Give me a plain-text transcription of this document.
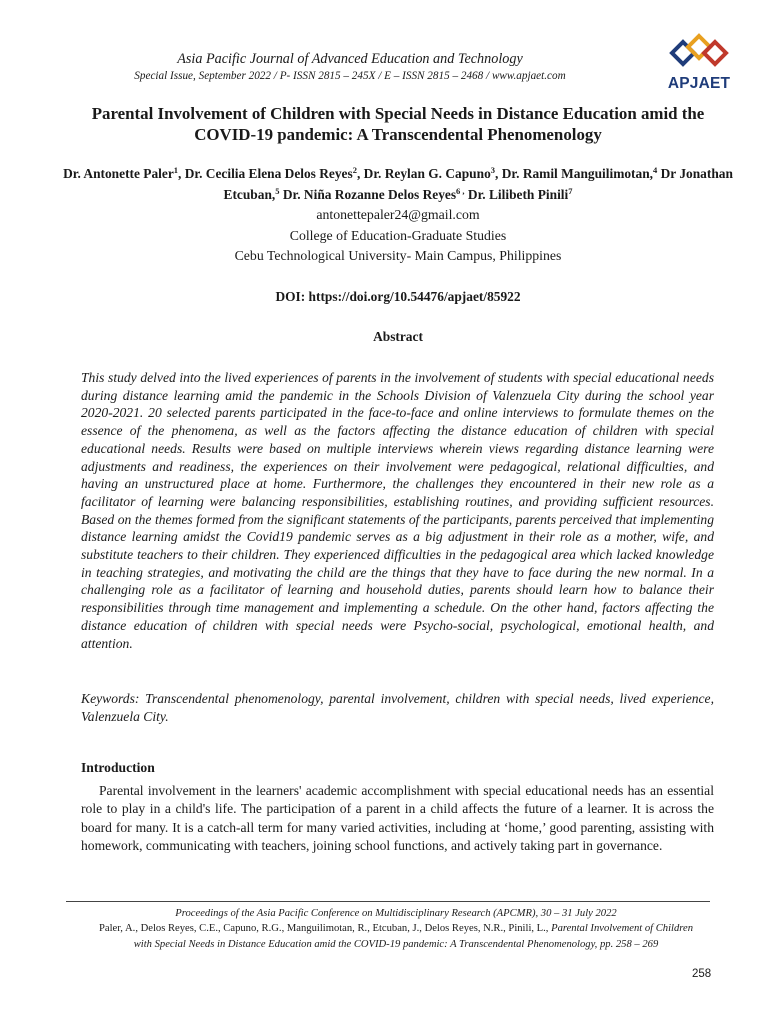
Asia Pacific Journal of Advanced Education and Technology
Special Issue, September 2022 / P- ISSN 2815 – 245X / E – ISSN 2815 – 2468 / www.apjaet.com	APJAET
Parental Involvement of Children with Special Needs in Distance Education amid the COVID-19 pandemic: A Transcendental Phenomenology
Dr. Antonette Paler$^1$, Dr. Cecilia Elena Delos Reyes$^2$, Dr. Reylan G. Capuno$^3$, Dr. Ramil Manguilimotan,$^4$ Dr Jonathan Etcuban,$^5$ Dr. Niña Rozanne Delos Reyes$^{6 ,}$ Dr. Lilibeth Pinili$^7$
antonettepaler24@gmail.com
College of Education-Graduate Studies
Cebu Technological University- Main Campus, Philippines
DOI: https://doi.org/10.54476/apjaet/85922
Abstract

This study delved into the lived experiences of parents in the involvement of students with special educational needs during distance learning amid the pandemic in the Schools Division of Valenzuela City during the school year 2020-2021. 20 selected parents participated in the face-to-face and online interviews to formulate themes on the essence of the phenomena, as well as the factors affecting the distance education of children with special educational needs. Results were based on multiple interviews wherein views regarding distance learning were adjustments and readiness, the experiences on their involvement were pedagogical, relational difficulties, and having an unstructured place at home. Furthermore, the challenges they encountered in their new role as a facilitator of learning were balancing responsibilities, establishing routines, and providing sufficient resources. Based on the themes formed from the significant statements of the participants, parents perceived that implementing distance learning amidst the Covid19 pandemic serves as a big adjustment in their role as a mother, wife, and substitute teachers to their children. They experienced difficulties in the pedagogical area which lacked knowledge in teaching strategies, and motivating the child are the things that they have to face during the new normal. In a challenging role as a facilitator of learning and household duties, parents should learn how to balance their responsibilities through time management and implementing a schedule. On the other hand, factors affecting the distance education of children with special needs were Psycho-social, psychological, emotional health, and attention.

Keywords: Transcendental phenomenology, parental involvement, children with special needs, lived experience, Valenzuela City.

Introduction

Parental involvement in the learners' academic accomplishment with special educational needs has an essential role to play in a child's life. The participation of a parent in a child affects the future of a learner. It is across the board for many. It is a catch-all term for many varied activities, including at ‘home,’ good parenting, assisting with homework, communicating with teachers, joining school functions, and actively taking part in governance.

Proceedings of the Asia Pacific Conference on Multidisciplinary Research (APCMR), 30 – 31 July 2022
Paler, A., Delos Reyes, C.E., Capuno, R.G., Manguilimotan, R., Etcuban, J., Delos Reyes, N.R., Pinili, L., Parental Involvement of Children with Special Needs in Distance Education amid the COVID-19 pandemic: A Transcendental Phenomenology, pp. 258 – 269
258
